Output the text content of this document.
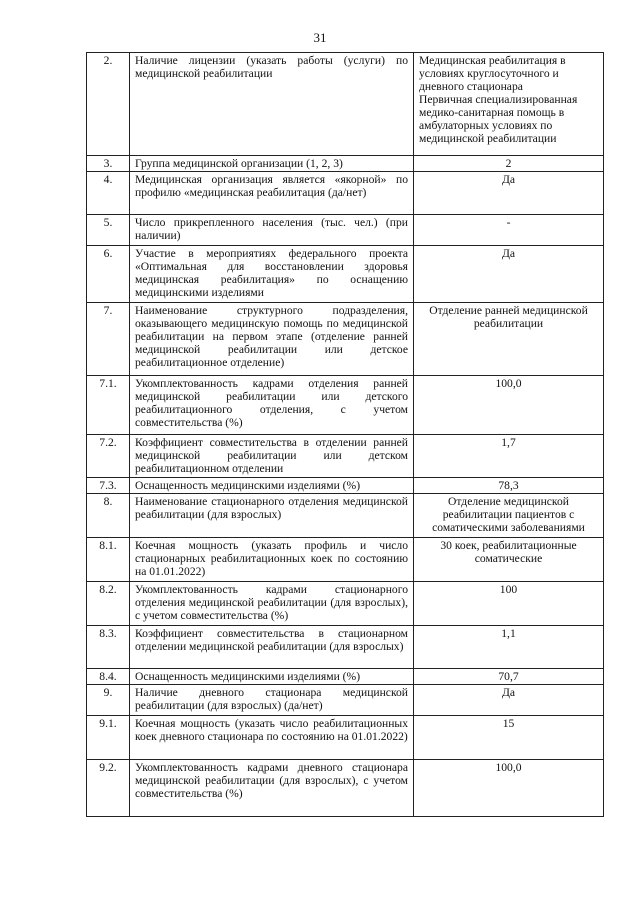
31
2.	Наличие лицензии (указать работы (услуги) по медицинской реабилитации	Медицинская реабилитация в условиях круглосуточного и дневного стационара
Первичная специализированная медико-санитарная помощь в амбулаторных условиях по медицинской реабилитации

3.	Группа медицинской организации (1, 2, 3)	2

4.	Медицинская организация является «якорной» по профилю «медицинская реабилитация (да/нет)	Да

5.	Число прикрепленного населения (тыс. чел.) (при наличии)	-

6.	Участие в мероприятиях федерального проекта «Оптимальная для восстановлении здоровья медицинская реабилитация» по оснащению медицинскими изделиями	Да

7.	Наименование структурного подразделения, оказывающего медицинскую помощь по медицинской реабилитации на первом этапе (отделение ранней медицинской реабилитации или детское реабилитационное отделение)	Отделение ранней медицинской реабилитации

7.1.	Укомплектованность кадрами отделения ранней медицинской реабилитации или детского реабилитационного отделения, с учетом совместительства (%)	100,0

7.2.	Коэффициент совместительства в отделении ранней медицинской реабилитации или детском реабилитационном отделении	1,7

7.3.	Оснащенность медицинскими изделиями (%)	78,3

8.	Наименование стационарного отделения медицинской реабилитации (для взрослых)	Отделение медицинской реабилитации пациентов с соматическими заболеваниями

8.1.	Коечная мощность (указать профиль и число стационарных реабилитационных коек по состоянию на 01.01.2022)	30 коек, реабилитационные соматические

8.2.	Укомплектованность кадрами стационарного отделения медицинской реабилитации (для взрослых), с учетом совместительства (%)	100

8.3.	Коэффициент совместительства в стационарном отделении медицинской реабилитации (для взрослых)	1,1

8.4.	Оснащенность медицинскими изделиями (%)	70,7

9.	Наличие дневного стационара медицинской реабилитации (для взрослых) (да/нет)	Да

9.1.	Коечная мощность (указать число реабилитационных коек дневного стационара по состоянию на 01.01.2022)	15

9.2.	Укомплектованность кадрами дневного стационара медицинской реабилитации (для взрослых), с учетом совместительства (%)	100,0
